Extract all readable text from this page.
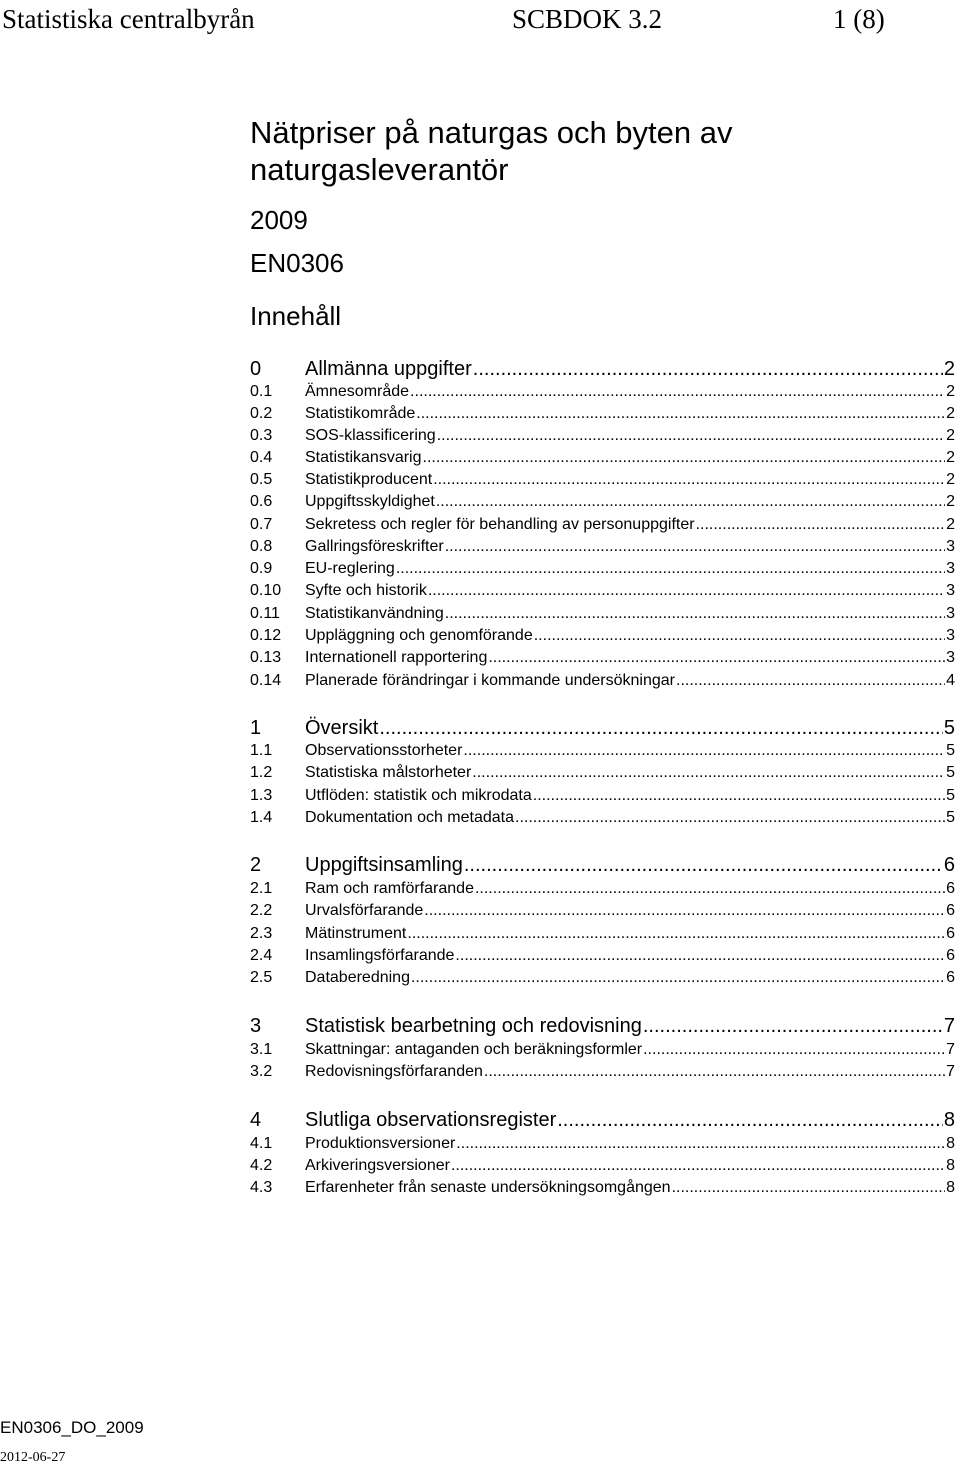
Statistiska centralbyrån	SCBDOK 3.2	1 (8)
Nätpriser på naturgas och byten av
naturgasleverantör
2009
EN0306
Innehåll
0 Allmänna uppgifter .....	2
0.1 Ämnesområde .....	2
0.2 Statistikområde .....	2
0.3 SOS-klassificering .....	2
0.4 Statistikansvarig .....	2
0.5 Statistikproducent .....	2
0.6 Uppgiftsskyldighet .....	2
0.7 Sekretess och regler för behandling av personuppgifter .....	2
0.8 Gallringsföreskrifter .....	3
0.9 EU-reglering .....	3
0.10 Syfte och historik .....	3
0.11 Statistikanvändning .....	3
0.12 Uppläggning och genomförande .....	3
0.13 Internationell rapportering .....	3
0.14 Planerade förändringar i kommande undersökningar .....	4
1 Översikt .....	5
1.1 Observationsstorheter .....	5
1.2 Statistiska målstorheter .....	5
1.3 Utflöden: statistik och mikrodata .....	5
1.4 Dokumentation och metadata .....	5
2 Uppgiftsinsamling .....	6
2.1 Ram och ramförfarande .....	6
2.2 Urvalsförfarande .....	6
2.3 Mätinstrument .....	6
2.4 Insamlingsförfarande .....	6
2.5 Databeredning .....	6
3 Statistisk bearbetning och redovisning .....	7
3.1 Skattningar: antaganden och beräkningsformler .....	7
3.2 Redovisningsförfaranden .....	7
4 Slutliga observationsregister .....	8
4.1 Produktionsversioner .....	8
4.2 Arkiveringsversioner .....	8
4.3 Erfarenheter från senaste undersökningsomgången .....	8
EN0306_DO_2009
2012-06-27
